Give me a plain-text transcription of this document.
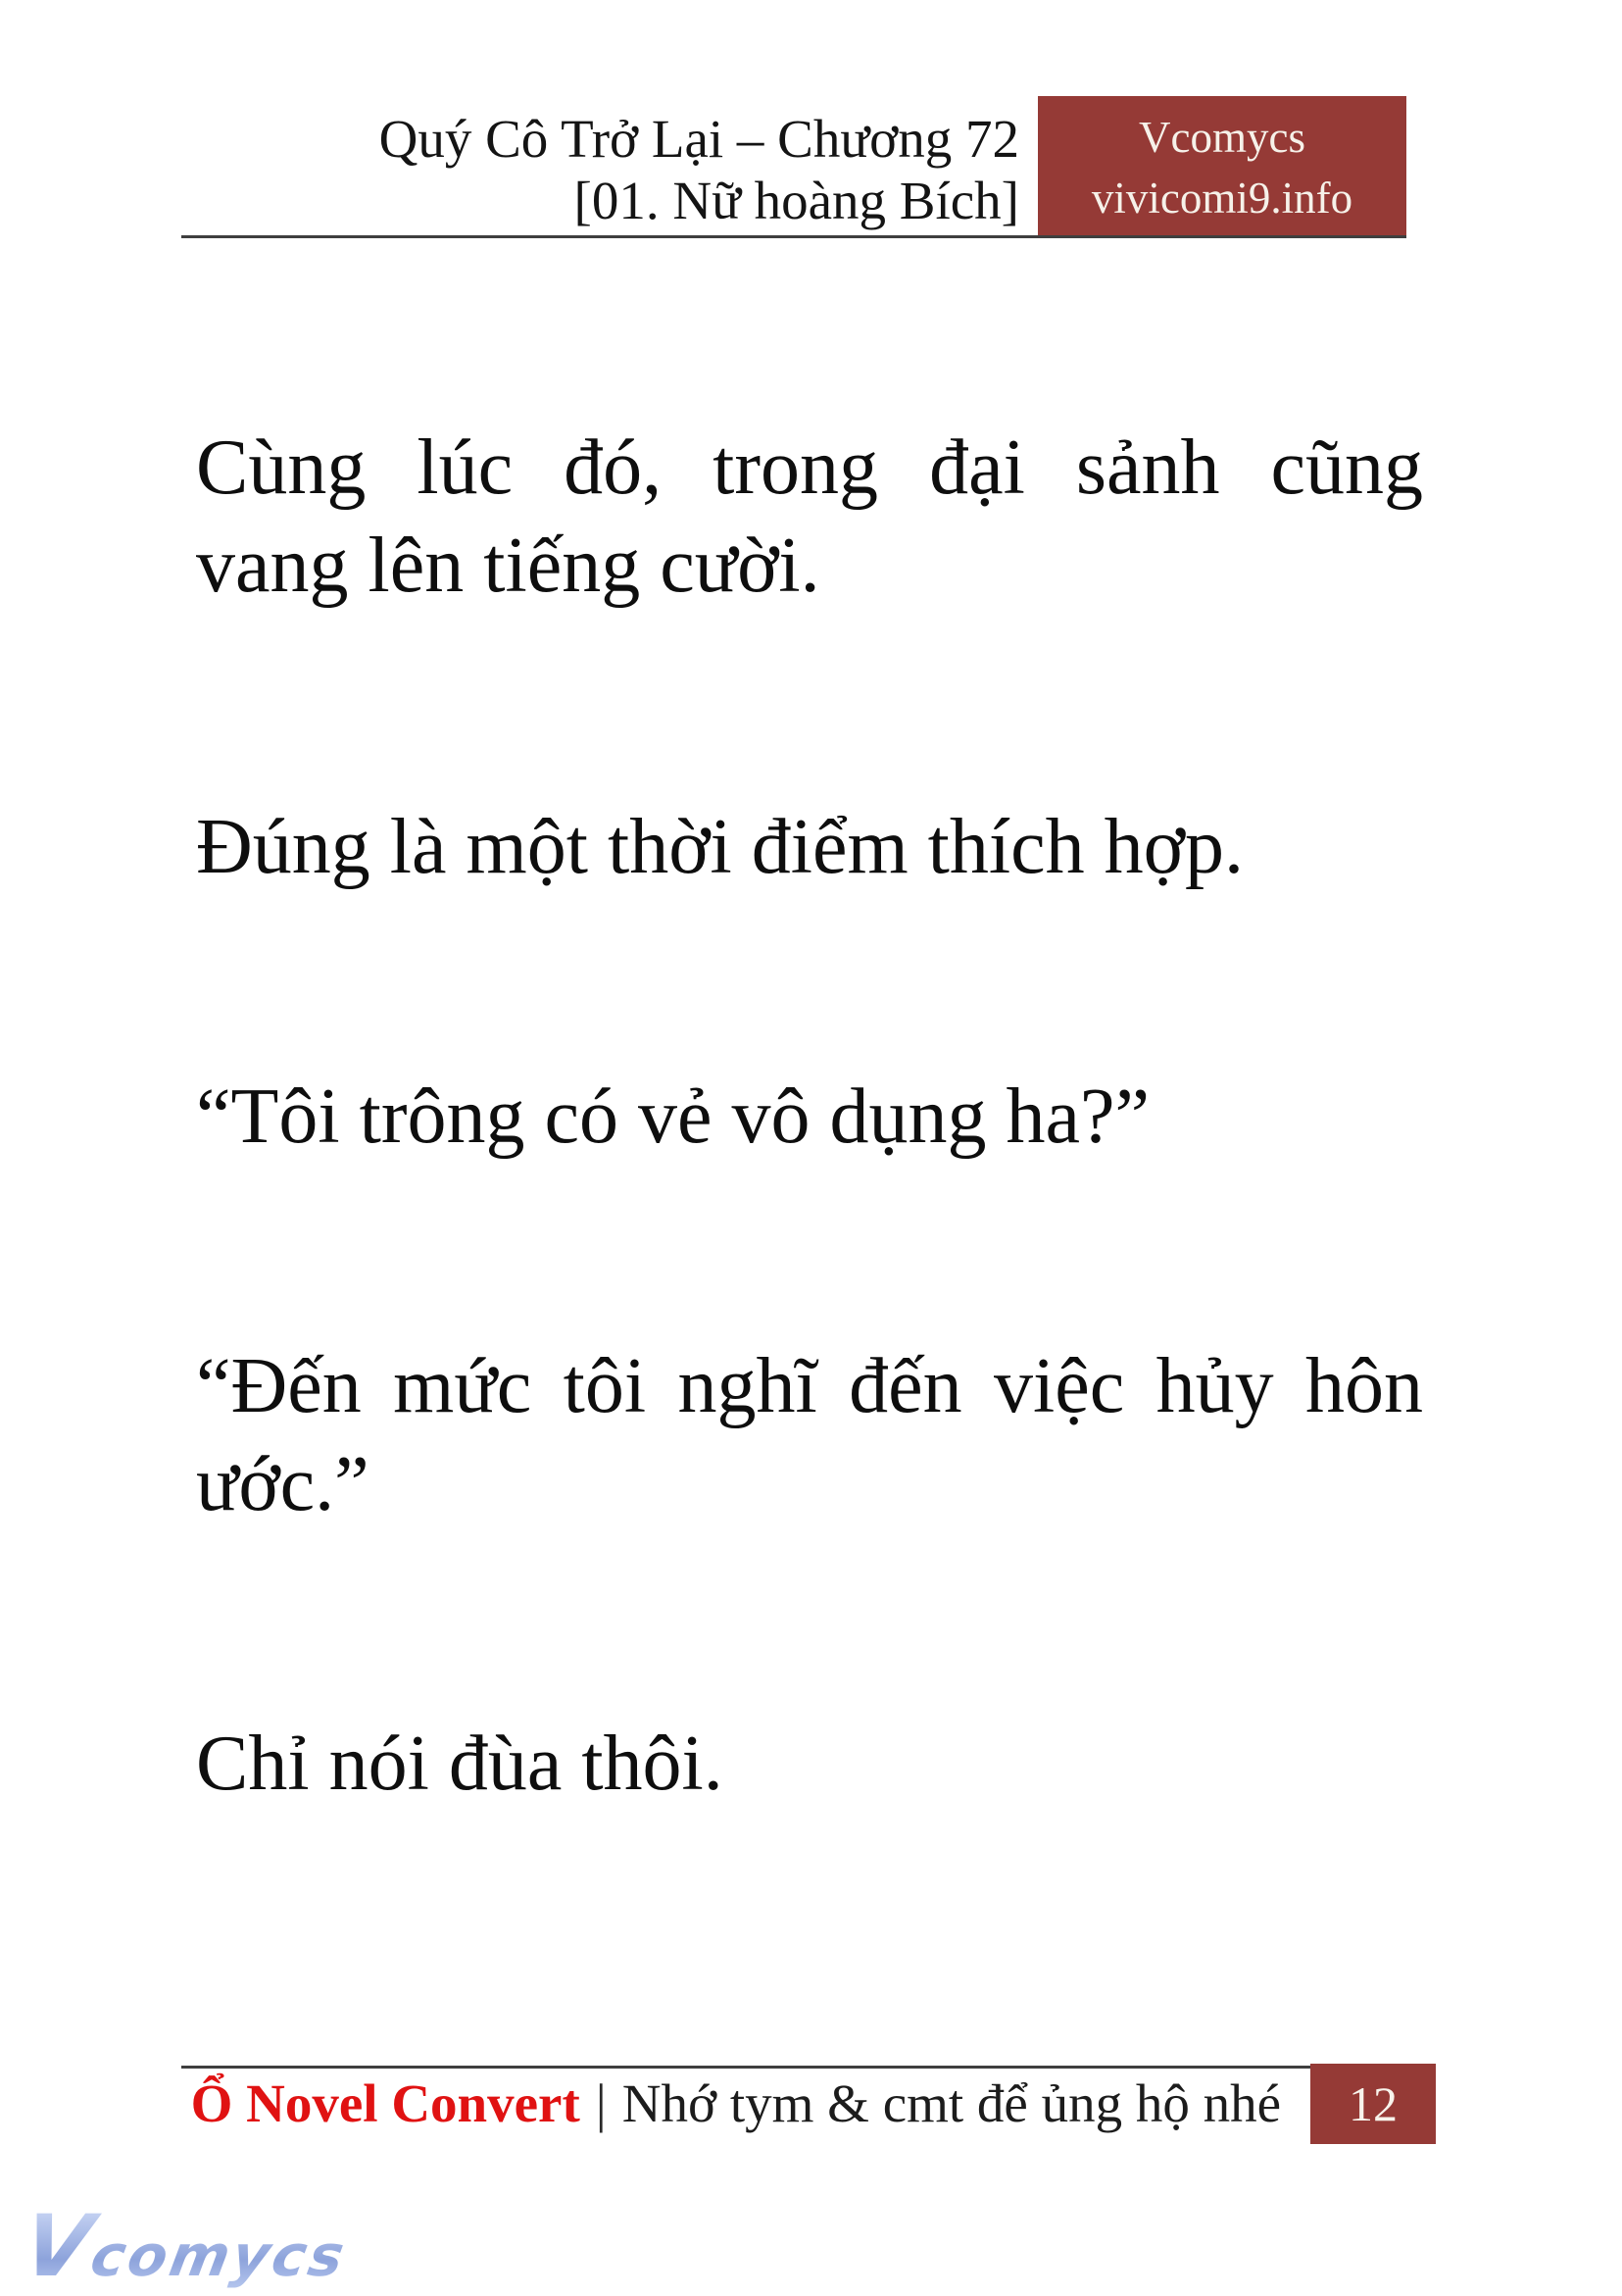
Quý Cô Trở Lại – Chương 72
[01. Nữ hoàng Bích]
Vcomycs
vivicomi9.info
Cùng lúc đó, trong đại sảnh cũng
vang lên tiếng cười.
Đúng là một thời điểm thích hợp.
“Tôi trông có vẻ vô dụng ha?”
“Đến mức tôi nghĩ đến việc hủy hôn
ước.”
Chỉ nói đùa thôi.
Ổ Novel Convert | Nhớ tym & cmt để ủng hộ nhé 12
Vcomycs
